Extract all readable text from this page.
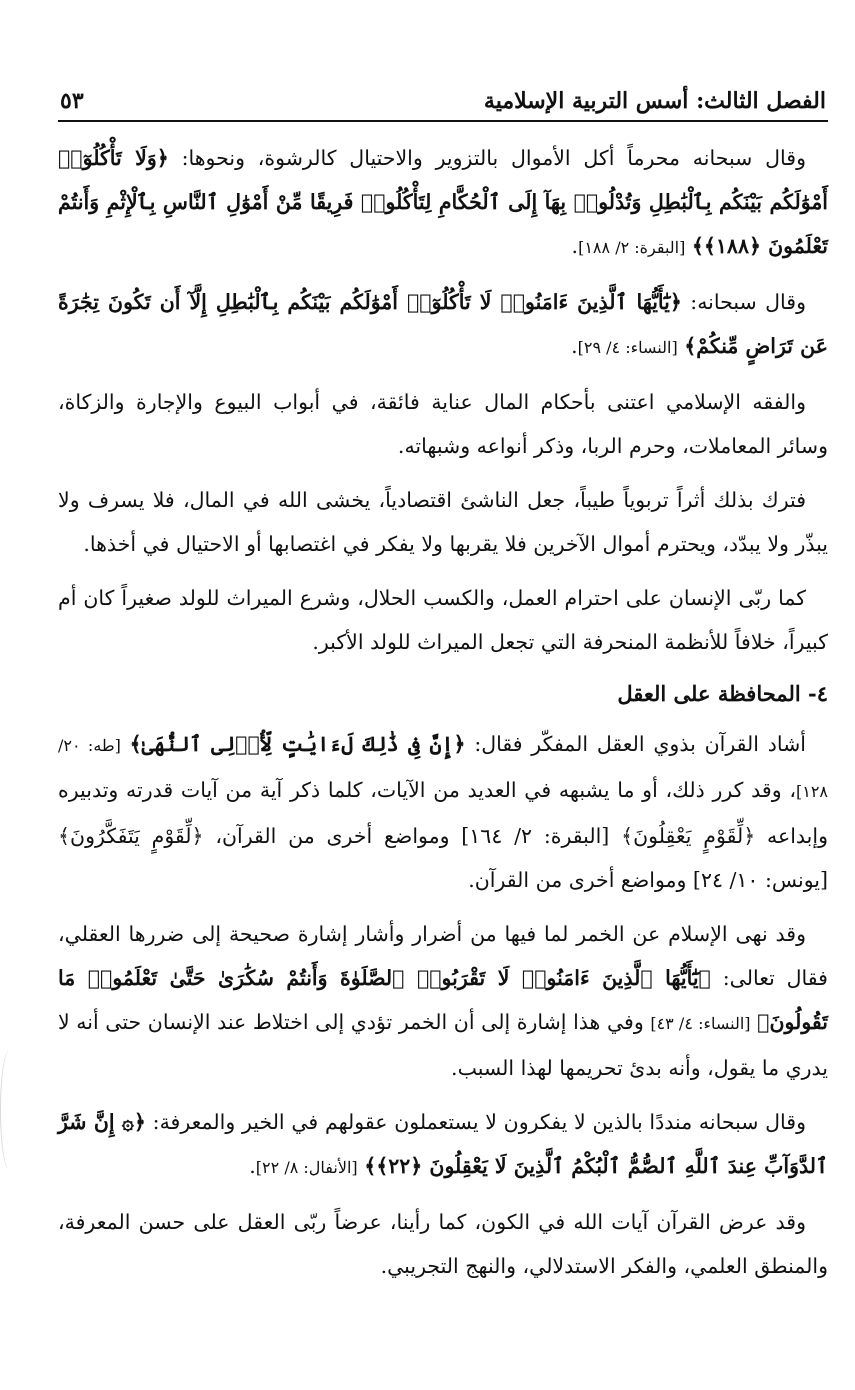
الفصل الثالث: أسس التربية الإسلامية
٥٣

وقال سبحانه محرماً أكل الأموال بالتزوير والاحتيال كالرشوة، ونحوها: ﴿وَلَا تَأْكُلُوٓا۟ أَمْوَٰلَكُم بَيْنَكُم بِٱلْبَٰطِلِ وَتُدْلُوا۟ بِهَآ إِلَى ٱلْحُكَّامِ لِتَأْكُلُوا۟ فَرِيقًا مِّنْ أَمْوَٰلِ ٱلنَّاسِ بِٱلْإِثْمِ وَأَنتُمْ تَعْلَمُونَ ﴿١٨٨﴾﴾ [البقرة: ٢/ ١٨٨].

وقال سبحانه: ﴿يَٰٓأَيُّهَا ٱلَّذِينَ ءَامَنُوا۟ لَا تَأْكُلُوٓا۟ أَمْوَٰلَكُم بَيْنَكُم بِٱلْبَٰطِلِ إِلَّآ أَن تَكُونَ تِجَٰرَةً عَن تَرَاضٍ مِّنكُمْ﴾ [النساء: ٤/ ٢٩].

والفقه الإسلامي اعتنى بأحكام المال عناية فائقة، في أبواب البيوع والإجارة والزكاة، وسائر المعاملات، وحرم الربا، وذكر أنواعه وشبهاته.

فترك بذلك أثراً تربوياً طيباً، جعل الناشئ اقتصادياً، يخشى الله في المال، فلا يسرف ولا يبذّر ولا يبدّد، ويحترم أموال الآخرين فلا يقربها ولا يفكر في اغتصابها أو الاحتيال في أخذها.

كما ربّى الإنسان على احترام العمل، والكسب الحلال، وشرع الميراث للولد صغيراً كان أم كبيراً، خلافاً للأنظمة المنحرفة التي تجعل الميراث للولد الأكبر.

٤- المحافظة على العقل

أشاد القرآن بذوي العقل المفكّر فقال: ﴿إِنَّ فِى ذَٰلِكَ لَءَايَٰتٍ لِّأُو۟لِى ٱلنُّهَىٰ﴾ [طه: ٢٠/ ١٢٨]، وقد كرر ذلك، أو ما يشبهه في العديد من الآيات، كلما ذكر آية من آيات قدرته وتدبيره وإبداعه ﴿لِّقَوْمٍ يَعْقِلُونَ﴾ [البقرة: ٢/ ١٦٤] ومواضع أخرى من القرآن، ﴿لِّقَوْمٍ يَتَفَكَّرُونَ﴾ [يونس: ١٠/ ٢٤] ومواضع أخرى من القرآن.

وقد نهى الإسلام عن الخمر لما فيها من أضرار وأشار إشارة صحيحة إلى ضررها العقلي، فقال تعالى: ﴿يَٰٓأَيُّهَا ٱلَّذِينَ ءَامَنُوا۟ لَا تَقْرَبُوا۟ ٱلصَّلَوٰةَ وَأَنتُمْ سُكَٰرَىٰ حَتَّىٰ تَعْلَمُوا۟ مَا تَقُولُونَ﴾ [النساء: ٤/ ٤٣] وفي هذا إشارة إلى أن الخمر تؤدي إلى اختلاط عند الإنسان حتى أنه لا يدري ما يقول، وأنه بدئ تحريمها لهذا السبب.

وقال سبحانه منددًا بالذين لا يفكرون لا يستعملون عقولهم في الخير والمعرفة: ﴿۞ إِنَّ شَرَّ ٱلدَّوَآبِّ عِندَ ٱللَّهِ ٱلصُّمُّ ٱلْبُكْمُ ٱلَّذِينَ لَا يَعْقِلُونَ ﴿٢٢﴾﴾ [الأنفال: ٨/ ٢٢].

وقد عرض القرآن آيات الله في الكون، كما رأينا، عرضاً ربّى العقل على حسن المعرفة، والمنطق العلمي، والفكر الاستدلالي، والنهج التجريبي.
